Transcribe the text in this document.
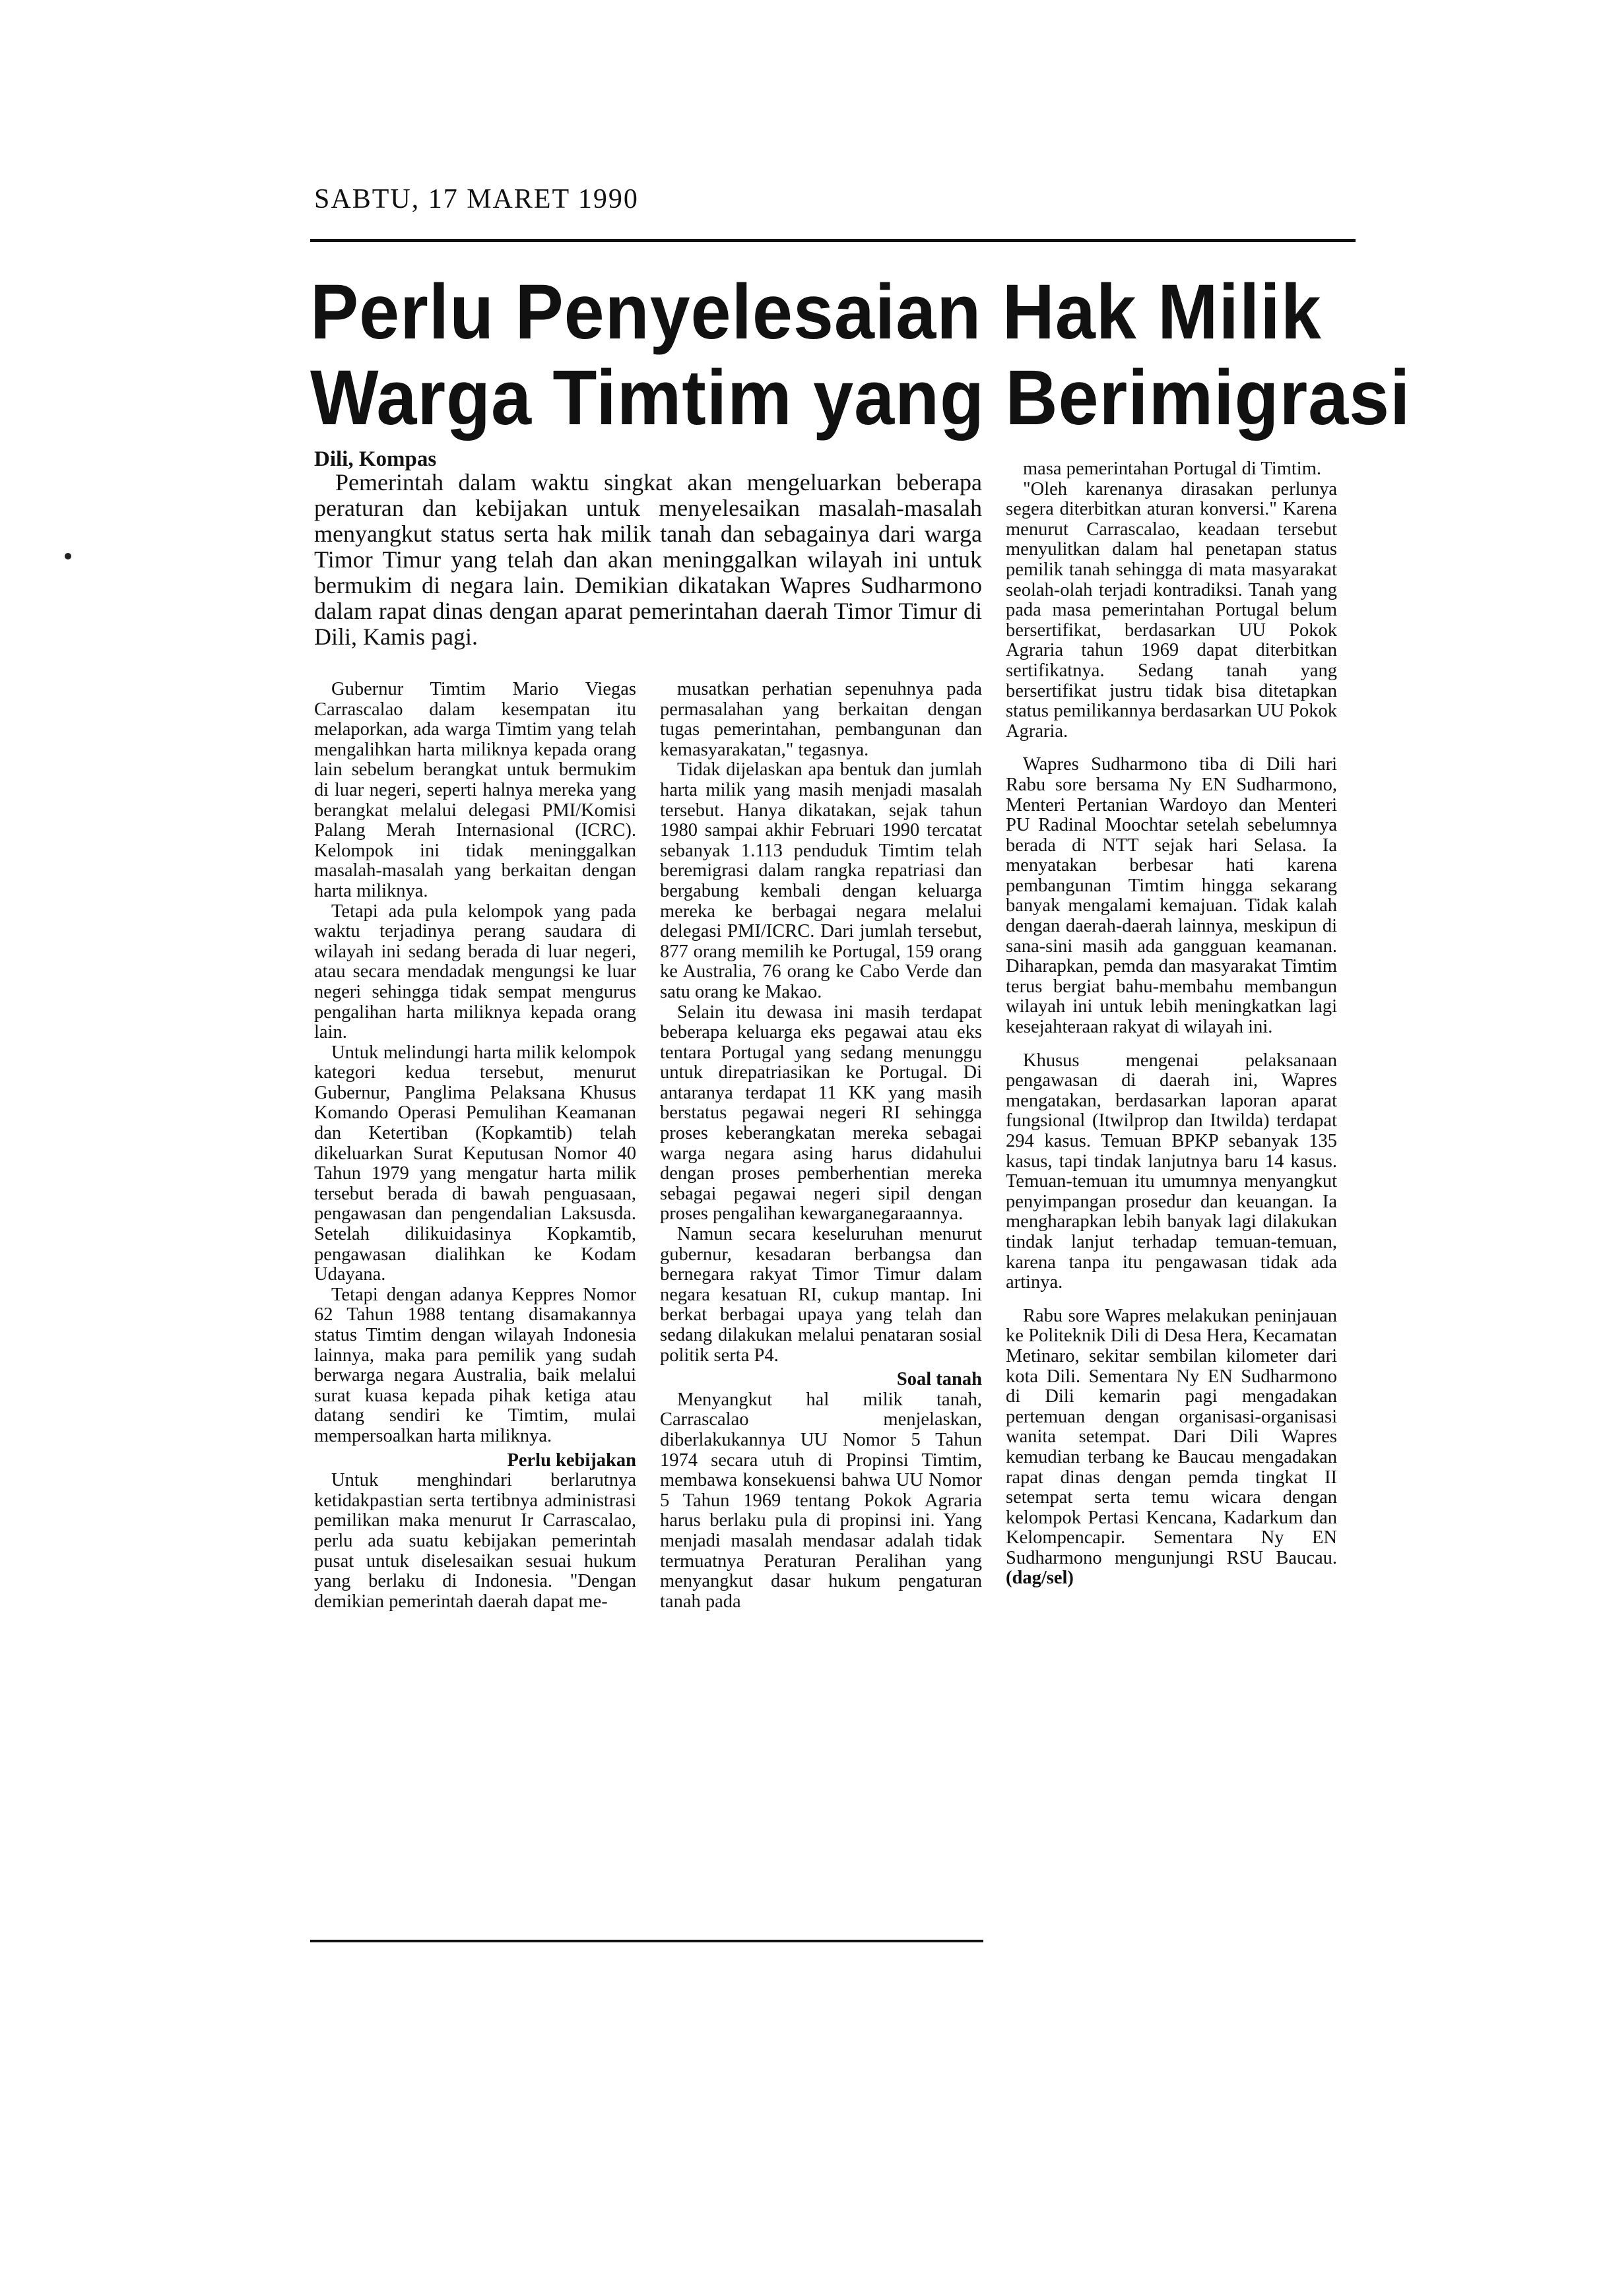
SABTU, 17 MARET 1990
Perlu Penyelesaian Hak Milik
Warga Timtim yang Berimigrasi
Dili, Kompas

Pemerintah dalam waktu singkat akan mengeluarkan beberapa peraturan dan kebijakan untuk menyelesaikan masalah-masalah menyangkut status serta hak milik tanah dan sebagainya dari warga Timor Timur yang telah dan akan meninggalkan wilayah ini untuk bermukim di negara lain. Demikian dikatakan Wapres Sudharmono dalam rapat dinas dengan aparat pemerintahan daerah Timor Timur di Dili, Kamis pagi.

Gubernur Timtim Mario Viegas Carrascalao dalam kesempatan itu melaporkan, ada warga Timtim yang telah mengalihkan harta miliknya kepada orang lain sebelum berangkat untuk bermukim di luar negeri, seperti halnya mereka yang berangkat melalui delegasi PMI/Komisi Palang Merah Internasional (ICRC). Kelompok ini tidak meninggalkan masalah-masalah yang berkaitan dengan harta miliknya.

Tetapi ada pula kelompok yang pada waktu terjadinya perang saudara di wilayah ini sedang berada di luar negeri, atau secara mendadak mengungsi ke luar negeri sehingga tidak sempat mengurus pengalihan harta miliknya kepada orang lain.

Untuk melindungi harta milik kelompok kategori kedua tersebut, menurut Gubernur, Panglima Pelaksana Khusus Komando Operasi Pemulihan Keamanan dan Ketertiban (Kopkamtib) telah dikeluarkan Surat Keputusan Nomor 40 Tahun 1979 yang mengatur harta milik tersebut berada di bawah penguasaan, pengawasan dan pengendalian Laksusda. Setelah dilikuidasinya Kopkamtib, pengawasan dialihkan ke Kodam Udayana.

Tetapi dengan adanya Keppres Nomor 62 Tahun 1988 tentang disamakannya status Timtim dengan wilayah Indonesia lainnya, maka para pemilik yang sudah berwarga negara Australia, baik melalui surat kuasa kepada pihak ketiga atau datang sendiri ke Timtim, mulai mempersoalkan harta miliknya.

Perlu kebijakan

Untuk menghindari berlarutnya ketidakpastian serta tertibnya administrasi pemilikan maka menurut Ir Carrascalao, perlu ada suatu kebijakan pemerintah pusat untuk diselesaikan sesuai hukum yang berlaku di Indonesia. "Dengan demikian pemerintah daerah dapat me-

musatkan perhatian sepenuhnya pada permasalahan yang berkaitan dengan tugas pemerintahan, pembangunan dan kemasyarakatan," tegasnya.

Tidak dijelaskan apa bentuk dan jumlah harta milik yang masih menjadi masalah tersebut. Hanya dikatakan, sejak tahun 1980 sampai akhir Februari 1990 tercatat sebanyak 1.113 penduduk Timtim telah beremigrasi dalam rangka repatriasi dan bergabung kembali dengan keluarga mereka ke berbagai negara melalui delegasi PMI/ICRC. Dari jumlah tersebut, 877 orang memilih ke Portugal, 159 orang ke Australia, 76 orang ke Cabo Verde dan satu orang ke Makao.

Selain itu dewasa ini masih terdapat beberapa keluarga eks pegawai atau eks tentara Portugal yang sedang menunggu untuk direpatriasikan ke Portugal. Di antaranya terdapat 11 KK yang masih berstatus pegawai negeri RI sehingga proses keberangkatan mereka sebagai warga negara asing harus didahului dengan proses pemberhentian mereka sebagai pegawai negeri sipil dengan proses pengalihan kewarganegaraannya.

Namun secara keseluruhan menurut gubernur, kesadaran berbangsa dan bernegara rakyat Timor Timur dalam negara kesatuan RI, cukup mantap. Ini berkat berbagai upaya yang telah dan sedang dilakukan melalui penataran sosial politik serta P4.

Soal tanah

Menyangkut hal milik tanah, Carrascalao menjelaskan, diberlakukannya UU Nomor 5 Tahun 1974 secara utuh di Propinsi Timtim, membawa konsekuensi bahwa UU Nomor 5 Tahun 1969 tentang Pokok Agraria harus berlaku pula di propinsi ini. Yang menjadi masalah mendasar adalah tidak termuatnya Peraturan Peralihan yang menyangkut dasar hukum pengaturan tanah pada

masa pemerintahan Portugal di Timtim.

"Oleh karenanya dirasakan perlunya segera diterbitkan aturan konversi." Karena menurut Carrascalao, keadaan tersebut menyulitkan dalam hal penetapan status pemilik tanah sehingga di mata masyarakat seolah-olah terjadi kontradiksi. Tanah yang pada masa pemerintahan Portugal belum bersertifikat, berdasarkan UU Pokok Agraria tahun 1969 dapat diterbitkan sertifikatnya. Sedang tanah yang bersertifikat justru tidak bisa ditetapkan status pemilikannya berdasarkan UU Pokok Agraria.

Wapres Sudharmono tiba di Dili hari Rabu sore bersama Ny EN Sudharmono, Menteri Pertanian Wardoyo dan Menteri PU Radinal Moochtar setelah sebelumnya berada di NTT sejak hari Selasa. Ia menyatakan berbesar hati karena pembangunan Timtim hingga sekarang banyak mengalami kemajuan. Tidak kalah dengan daerah-daerah lainnya, meskipun di sana-sini masih ada gangguan keamanan. Diharapkan, pemda dan masyarakat Timtim terus bergiat bahu-membahu membangun wilayah ini untuk lebih meningkatkan lagi kesejahteraan rakyat di wilayah ini.

Khusus mengenai pelaksanaan pengawasan di daerah ini, Wapres mengatakan, berdasarkan laporan aparat fungsional (Itwilprop dan Itwilda) terdapat 294 kasus. Temuan BPKP sebanyak 135 kasus, tapi tindak lanjutnya baru 14 kasus. Temuan-temuan itu umumnya menyangkut penyimpangan prosedur dan keuangan. Ia mengharapkan lebih banyak lagi dilakukan tindak lanjut terhadap temuan-temuan, karena tanpa itu pengawasan tidak ada artinya.

Rabu sore Wapres melakukan peninjauan ke Politeknik Dili di Desa Hera, Kecamatan Metinaro, sekitar sembilan kilometer dari kota Dili. Sementara Ny EN Sudharmono di Dili kemarin pagi mengadakan pertemuan dengan organisasi-organisasi wanita setempat. Dari Dili Wapres kemudian terbang ke Baucau mengadakan rapat dinas dengan pemda tingkat II setempat serta temu wicara dengan kelompok Pertasi Kencana, Kadarkum dan Kelompencapir. Sementara Ny EN Sudharmono mengunjungi RSU Baucau. (dag/sel)
